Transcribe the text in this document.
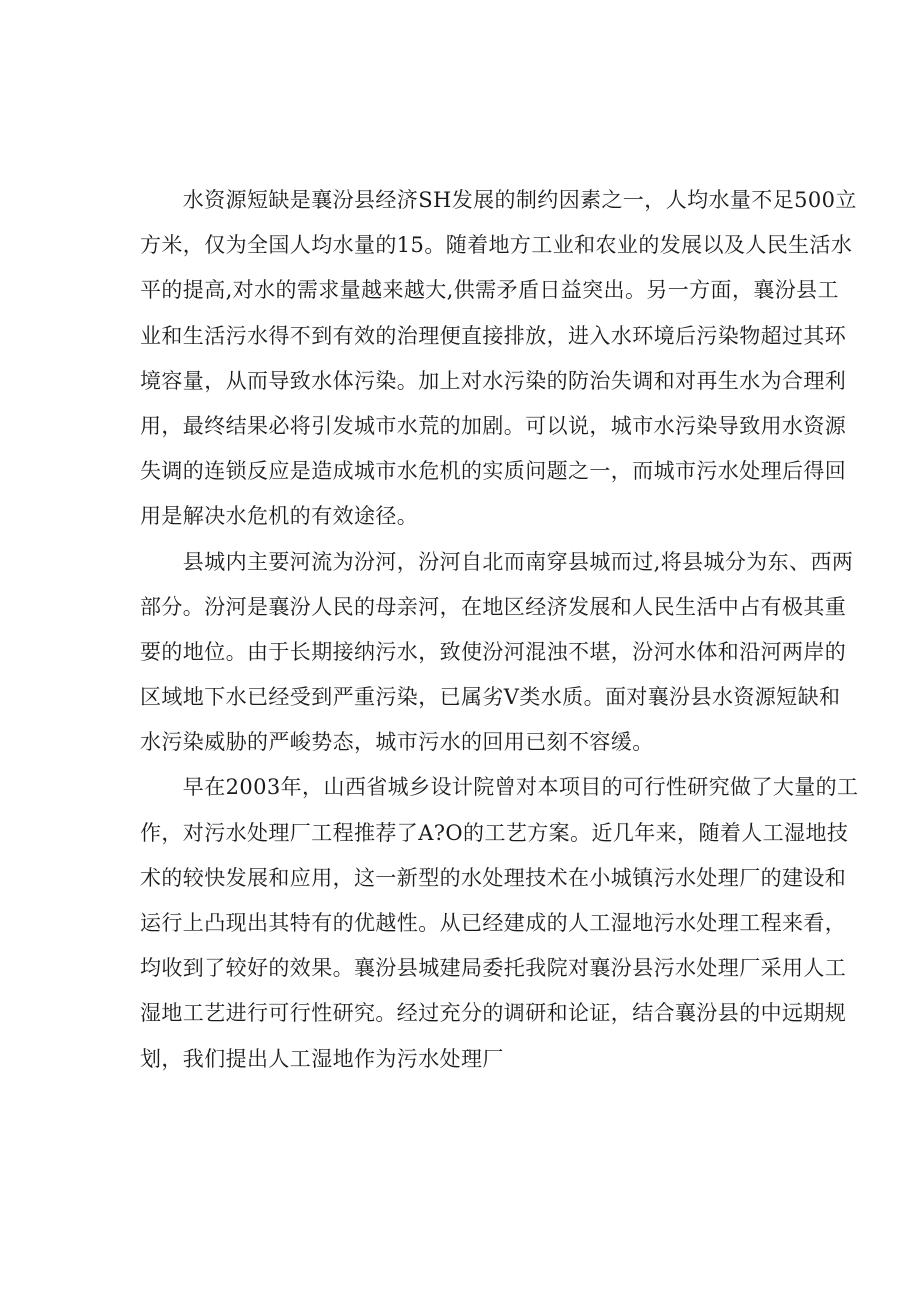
　　水资源短缺是襄汾县经济SH发展的制约因素之一，人均水量不足500立
方米，仅为全国人均水量的15。随着地方工业和农业的发展以及人民生活水
平的提高,对水的需求量越来越大,供需矛盾日益突出。另一方面，襄汾县工
业和生活污水得不到有效的治理便直接排放，进入水环境后污染物超过其环
境容量，从而导致水体污染。加上对水污染的防治失调和对再生水为合理利
用，最终结果必将引发城市水荒的加剧。可以说，城市水污染导致用水资源
失调的连锁反应是造成城市水危机的实质问题之一，而城市污水处理后得回
用是解决水危机的有效途径。

　　县城内主要河流为汾河，汾河自北而南穿县城而过,将县城分为东、西两
部分。汾河是襄汾人民的母亲河，在地区经济发展和人民生活中占有极其重
要的地位。由于长期接纳污水，致使汾河混浊不堪，汾河水体和沿河两岸的
区域地下水已经受到严重污染，已属劣V类水质。面对襄汾县水资源短缺和
水污染威胁的严峻势态，城市污水的回用已刻不容缓。

　　早在2003年，山西省城乡设计院曾对本项目的可行性研究做了大量的工
作，对污水处理厂工程推荐了A?O的工艺方案。近几年来，随着人工湿地技
术的较快发展和应用，这一新型的水处理技术在小城镇污水处理厂的建设和
运行上凸现出其特有的优越性。从已经建成的人工湿地污水处理工程来看，
均收到了较好的效果。襄汾县城建局委托我院对襄汾县污水处理厂采用人工
湿地工艺进行可行性研究。经过充分的调研和论证，结合襄汾县的中远期规
划，我们提出人工湿地作为污水处理厂
